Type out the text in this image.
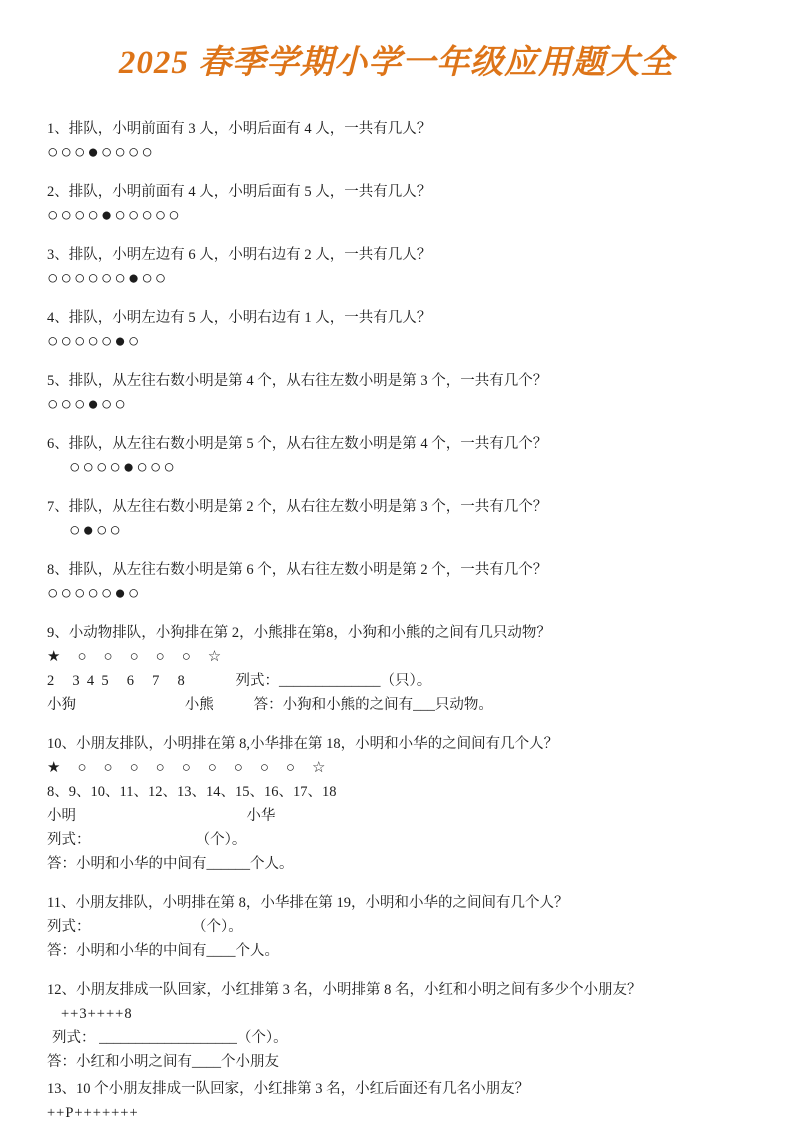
2025 春季学期小学一年级应用题大全

1、排队，小明前面有 3 人，小明后面有 4 人，一共有几人？

○○○●○○○○

2、排队，小明前面有 4 人，小明后面有 5 人，一共有几人？

○○○○●○○○○○

3、排队，小明左边有 6 人，小明右边有 2 人，一共有几人？

○○○○○○●○○

4、排队，小明左边有 5 人，小明右边有 1 人，一共有几人？

○○○○○●○

5、排队，从左往右数小明是第 4 个，从右往左数小明是第 3 个，一共有几个？

○○○●○○

6、排队，从左往右数小明是第 5 个，从右往左数小明是第 4 个，一共有几个？

○○○○●○○○

7、排队，从左往右数小明是第 2 个，从右往左数小明是第 3 个，一共有几个？

○●○○

8、排队，从左往右数小明是第 6 个，从右往左数小明是第 2 个，一共有几个？

○○○○○●○

9、小动物排队，小狗排在第 2，小熊排在第8，小狗和小熊的之间有几只动物？

★　○　○　○　○　○　☆

2     3  4  5     6     7     8              列式：______________（只）。

小狗                              小熊           答：小狗和小熊的之间有___只动物。

10、小朋友排队，小明排在第 8,小华排在第 18，小明和小华的之间间有几个人？

★　○　○　○　○　○　○　○　○　○　☆

8、9、10、11、12、13、14、15、16、17、18

小明                                               小华

列式：                             （个）。

答：小明和小华的中间有______个人。

11、小朋友排队，小明排在第 8，小华排在第 19，小明和小华的之间间有几个人？

列式：                            （个）。

答：小明和小华的中间有____个人。

12、小朋友排成一队回家，小红排第 3 名，小明排第 8 名，小红和小明之间有多少个小朋友？

++3++++8

列式： ___________________（个）。

答：小红和小明之间有____个小朋友

13、10 个小朋友排成一队回家，小红排第 3 名，小红后面还有几名小朋友？

++P+++++++
